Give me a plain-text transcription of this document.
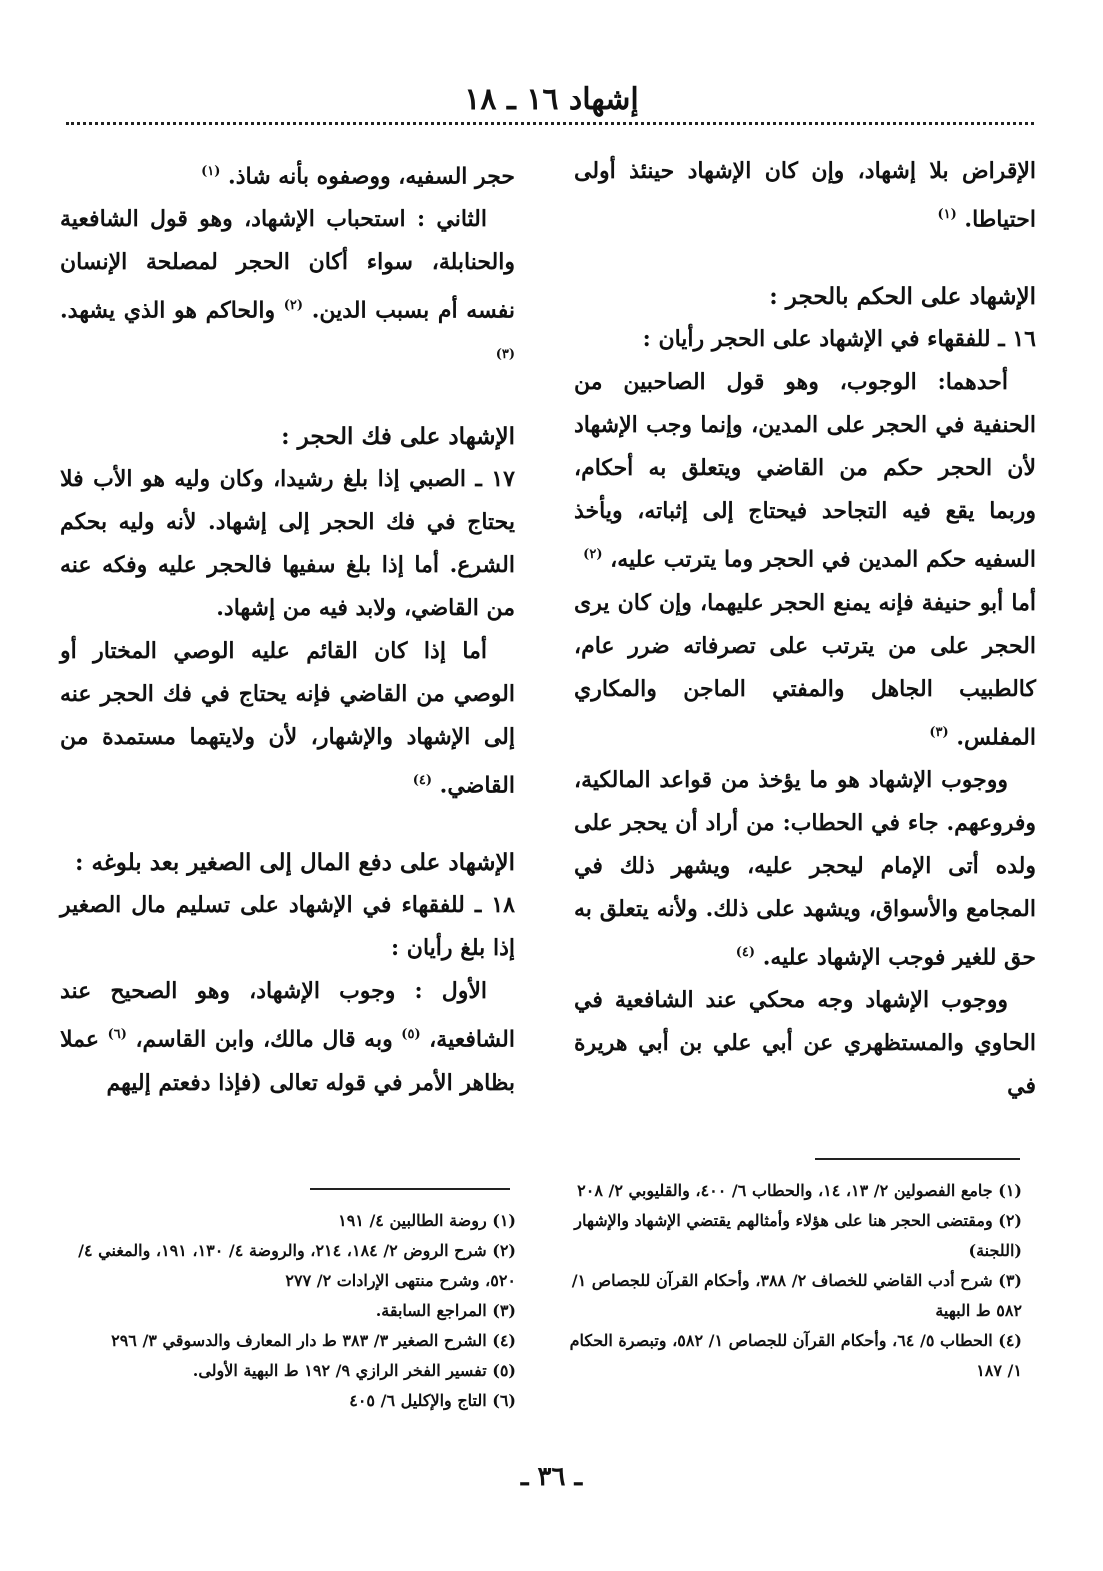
إشهاد ١٦ ـ ١٨

الإقراض بلا إشهاد، وإن كان الإشهاد حينئذ أولى احتياطا. $^{(١)}$

الإشهاد على الحكم بالحجر :

١٦ ـ للفقهاء في الإشهاد على الحجر رأيان :

أحدهما: الوجوب، وهو قول الصاحبين من الحنفية في الحجر على المدين، وإنما وجب الإشهاد لأن الحجر حكم من القاضي ويتعلق به أحكام، وربما يقع فيه التجاحد فيحتاج إلى إثباته، ويأخذ السفيه حكم المدين في الحجر وما يترتب عليه، $^{(٢)}$

أما أبو حنيفة فإنه يمنع الحجر عليهما، وإن كان يرى الحجر على من يترتب على تصرفاته ضرر عام، كالطبيب الجاهل والمفتي الماجن والمكاري المفلس. $^{(٣)}$

ووجوب الإشهاد هو ما يؤخذ من قواعد المالكية، وفروعهم. جاء في الحطاب: من أراد أن يحجر على ولده أتى الإمام ليحجر عليه، ويشهر ذلك في المجامع والأسواق، ويشهد على ذلك. ولأنه يتعلق به حق للغير فوجب الإشهاد عليه. $^{(٤)}$

ووجوب الإشهاد وجه محكي عند الشافعية في الحاوي والمستظهري عن أبي علي بن أبي هريرة في

حجر السفيه، ووصفوه بأنه شاذ. $^{(١)}$

الثاني : استحباب الإشهاد، وهو قول الشافعية والحنابلة، سواء أكان الحجر لمصلحة الإنسان نفسه أم بسبب الدين. $^{(٢)}$ والحاكم هو الذي يشهد. $^{(٣)}$

الإشهاد على فك الحجر :

١٧ ـ الصبي إذا بلغ رشيدا، وكان وليه هو الأب فلا يحتاج في فك الحجر إلى إشهاد. لأنه وليه بحكم الشرع. أما إذا بلغ سفيها فالحجر عليه وفكه عنه من القاضي، ولابد فيه من إشهاد.

أما إذا كان القائم عليه الوصي المختار أو الوصي من القاضي فإنه يحتاج في فك الحجر عنه إلى الإشهاد والإشهار، لأن ولايتهما مستمدة من القاضي. $^{(٤)}$

الإشهاد على دفع المال إلى الصغير بعد بلوغه :

١٨ ـ للفقهاء في الإشهاد على تسليم مال الصغير إذا بلغ رأيان :

الأول : وجوب الإشهاد، وهو الصحيح عند الشافعية، $^{(٥)}$ وبه قال مالك، وابن القاسم، $^{(٦)}$ عملا بظاهر الأمر في قوله تعالى (فإذا دفعتم إليهم

(١) جامع الفصولين ٢/ ١٣، ١٤، والحطاب ٦/ ٤٠٠، والقليوبي ٢/ ٢٠٨

(٢) ومقتضى الحجر هنا على هؤلاء وأمثالهم يقتضي الإشهاد والإشهار (اللجنة)

(٣) شرح أدب القاضي للخصاف ٢/ ٣٨٨، وأحكام القرآن للجصاص ١/ ٥٨٢ ط البهية

(٤) الحطاب ٥/ ٦٤، وأحكام القرآن للجصاص ١/ ٥٨٢، وتبصرة الحكام ١/ ١٨٧

(١) روضة الطالبين ٤/ ١٩١

(٢) شرح الروض ٢/ ١٨٤، ٢١٤، والروضة ٤/ ١٣٠، ١٩١، والمغني ٤/ ٥٢٠، وشرح منتهى الإرادات ٢/ ٢٧٧

(٣) المراجع السابقة.

(٤) الشرح الصغير ٣/ ٣٨٣ ط دار المعارف والدسوقي ٣/ ٢٩٦

(٥) تفسير الفخر الرازي ٩/ ١٩٢ ط البهية الأولى.

(٦) التاج والإكليل ٦/ ٤٠٥

ـ ٣٦ ـ
